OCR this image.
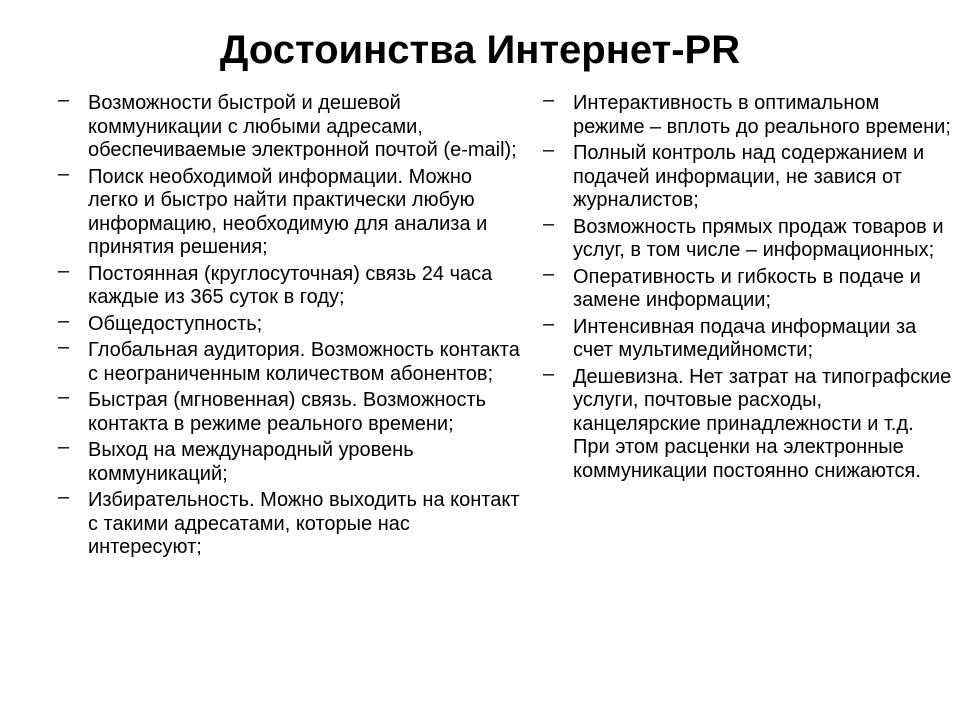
Достоинства Интернет-PR
– Возможности быстрой и дешевой коммуникации с любыми адресами, обеспечиваемые электронной почтой (e-mail);
– Поиск необходимой информации. Можно легко и быстро найти практически любую информацию, необходимую для анализа и принятия решения;
– Постоянная (круглосуточная) связь 24 часа каждые из 365 суток в году;
– Общедоступность;
– Глобальная аудитория. Возможность контакта с неограниченным количеством абонентов;
– Быстрая (мгновенная) связь. Возможность контакта в режиме реального времени;
– Выход на международный уровень коммуникаций;
– Избирательность. Можно выходить на контакт с такими адресатами, которые нас интересуют;
– Интерактивность в оптимальном режиме – вплоть до реального времени;
– Полный контроль над содержанием и подачей информации, не завися от журналистов;
– Возможность прямых продаж товаров и услуг, в том числе – информационных;
– Оперативность и гибкость в подаче и замене информации;
– Интенсивная подача информации за счет мультимедийномсти;
– Дешевизна. Нет затрат на типографские услуги, почтовые расходы, канцелярские принадлежности и т.д. При этом расценки на электронные коммуникации постоянно снижаются.
